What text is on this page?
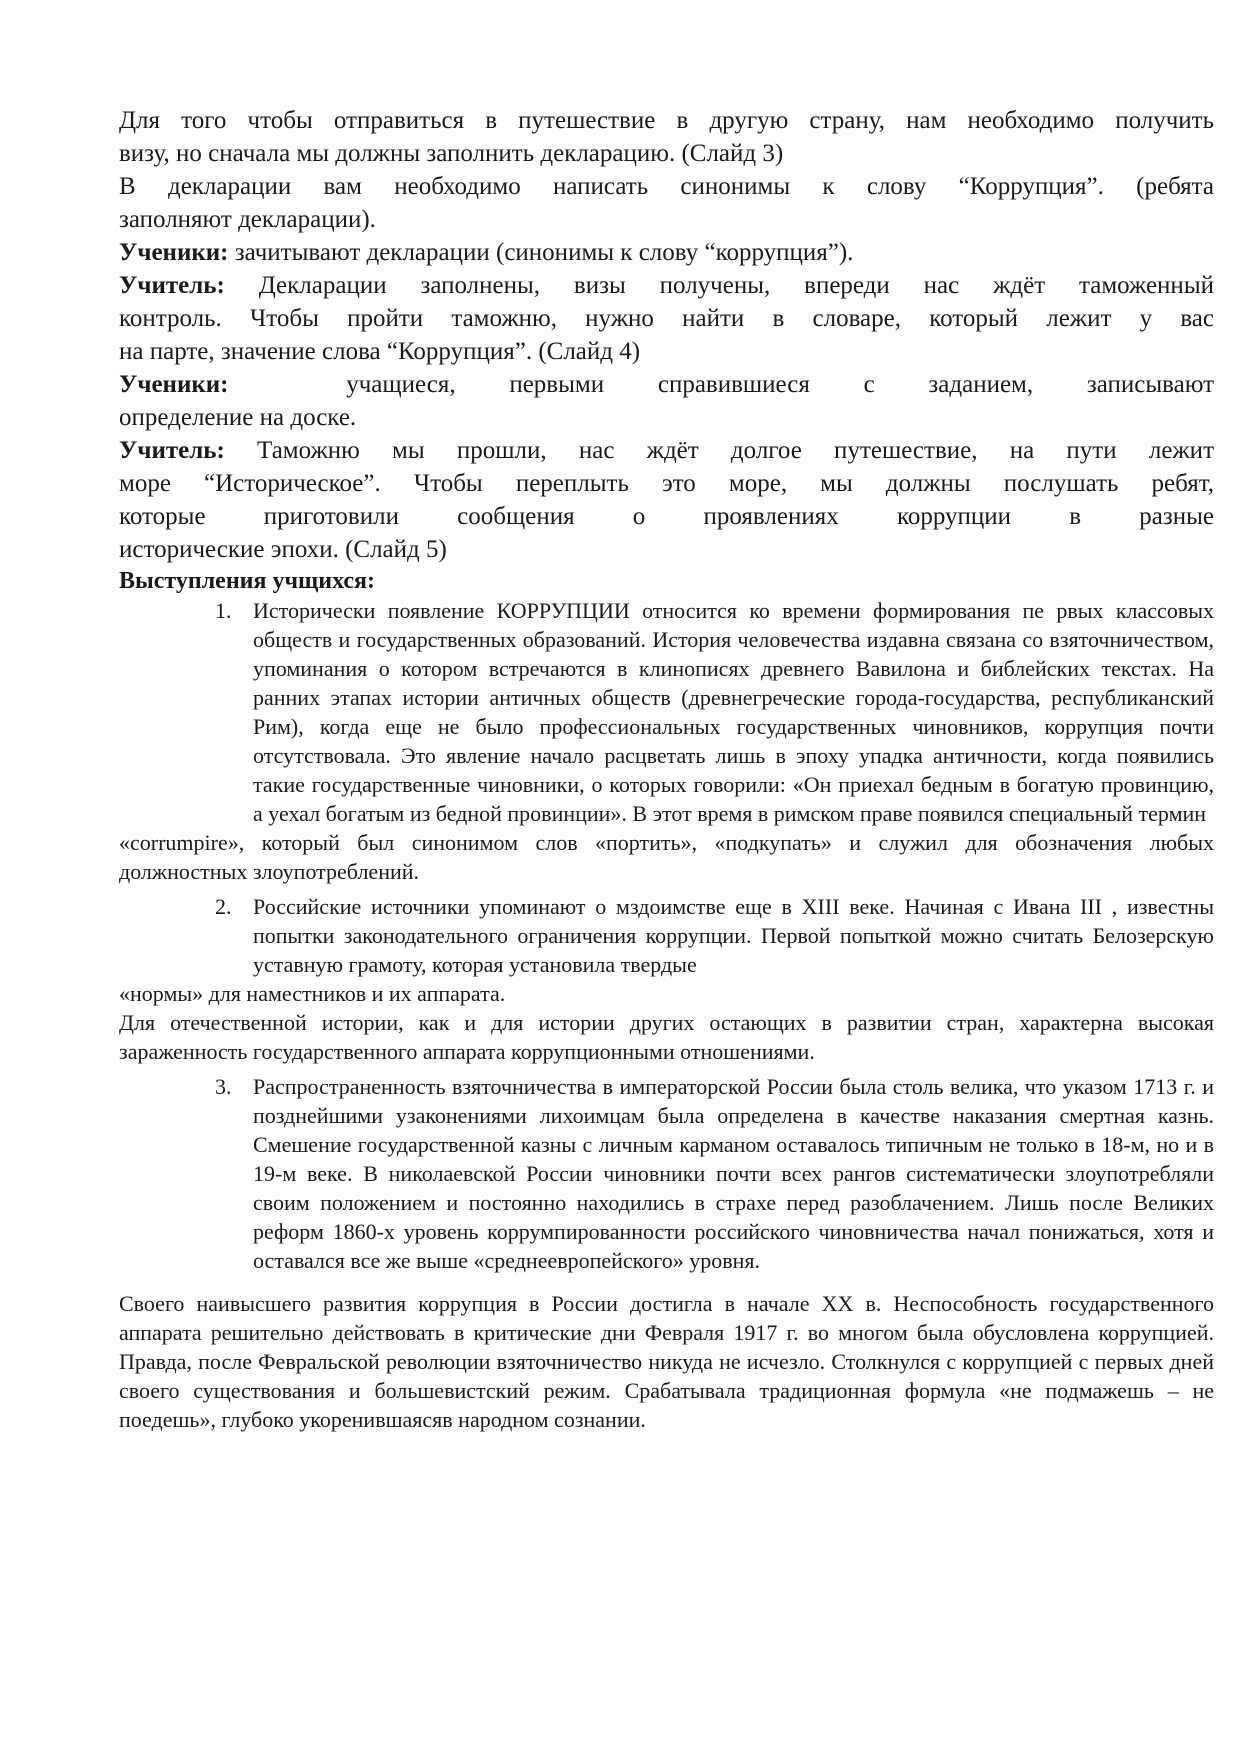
Для того чтобы отправиться в путешествие в другую страну, нам необходимо получить

визу, но сначала мы должны заполнить декларацию. (Слайд 3)

В декларации вам необходимо написать синонимы к слову “Коррупция”. (ребята

заполняют декларации).

Ученики: зачитывают декларации (синонимы к слову “коррупция”).

Учитель: Декларации заполнены, визы получены, впереди нас ждёт таможенный

контроль. Чтобы пройти таможню, нужно найти в словаре, который лежит у вас

на парте, значение слова “Коррупция”. (Слайд 4)

Ученики:	учащиеся, первыми справившиеся с заданием, записывают

определение на доске.

Учитель: Таможню мы прошли, нас ждёт долгое путешествие, на пути лежит

море “Историческое”. Чтобы переплыть это море, мы должны послушать ребят,

которые приготовили сообщения о проявлениях коррупции в разные

исторические эпохи. (Слайд 5)

Выступления учщихся:

1. Исторически появление КОРРУПЦИИ относится ко времени формирования пе рвых классовых обществ и государственных образований. История человечества издавна связана со взяточничеством, упоминания о котором встречаются в клинописях древнего Вавилона и библейских текстах. На ранних этапах истории античных обществ (древнегреческие города-государства, республиканский Рим), когда еще не было профессиональных государственных чиновников, коррупция почти отсутствовала. Это явление начало расцветать лишь в эпоху упадка античности, когда появились такие государственные чиновники, о которых говорили: «Он приехал бедным в богатую провинцию, а уехал богатым из бедной провинции». В этот время в римском праве появился специальный термин
«corrumpire», который был синонимом слов «портить», «подкупать» и служил для обозначения любых должностных злоупотреблений.
2. Российские источники упоминают о мздоимстве еще в XIII веке. Начиная с Ивана III , известны попытки законодательного ограничения коррупции. Первой попыткой можно считать Белозерскую уставную грамоту, которая установила твердые
«нормы» для наместников и их аппарата.

Для отечественной истории, как и для истории других остающих в развитии стран, характерна высокая зараженность государственного аппарата коррупционными отношениями.

3. Распространенность взяточничества в императорской России была столь велика, что указом 1713 г. и позднейшими узаконениями лихоимцам была определена в качестве наказания смертная казнь. Смешение государственной казны с личным карманом оставалось типичным не только в 18-м, но и в 19-м веке. В николаевской России чиновники почти всех рангов систематически злоупотребляли своим положением и постоянно находились в страхе перед разоблачением. Лишь после Великих реформ 1860-х уровень коррумпированности российского чиновничества начал понижаться, хотя и оставался все же выше «среднеевропейского» уровня.

Своего наивысшего развития коррупция в России достигла в начале XX в. Неспособность государственного аппарата решительно действовать в критические дни Февраля 1917 г. во многом была обусловлена коррупцией. Правда, после Февральской революции взяточничество никуда не исчезло. Столкнулся с коррупцией с первых дней своего существования и большевистский режим. Срабатывала традиционная формула «не подмажешь – не поедешь», глубоко укоренившаясяв народном сознании.
